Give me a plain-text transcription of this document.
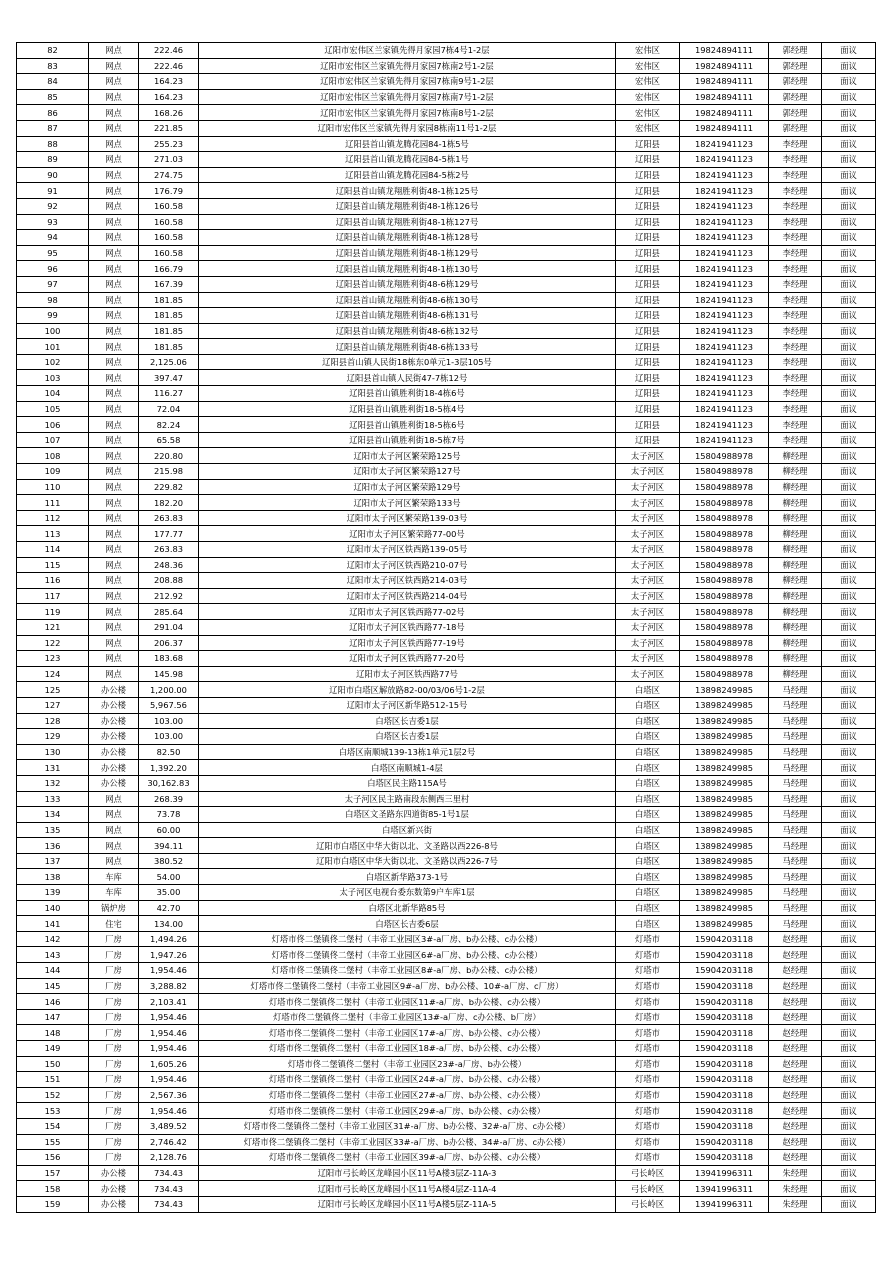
82	网点	222.46	辽阳市宏伟区兰家镇先得月家园7栋4号1-2层	宏伟区	19824894111	郭经理	面议
83	网点	222.46	辽阳市宏伟区兰家镇先得月家园7栋南2号1-2层	宏伟区	19824894111	郭经理	面议
84	网点	164.23	辽阳市宏伟区兰家镇先得月家园7栋南9号1-2层	宏伟区	19824894111	郭经理	面议
85	网点	164.23	辽阳市宏伟区兰家镇先得月家园7栋南7号1-2层	宏伟区	19824894111	郭经理	面议
86	网点	168.26	辽阳市宏伟区兰家镇先得月家园7栋南8号1-2层	宏伟区	19824894111	郭经理	面议
87	网点	221.85	辽阳市宏伟区兰家镇先得月家园8栋南11号1-2层	宏伟区	19824894111	郭经理	面议
88	网点	255.23	辽阳县首山镇龙腾花园84-1栋5号	辽阳县	18241941123	李经理	面议
89	网点	271.03	辽阳县首山镇龙腾花园84-5栋1号	辽阳县	18241941123	李经理	面议
90	网点	274.75	辽阳县首山镇龙腾花园84-5栋2号	辽阳县	18241941123	李经理	面议
91	网点	176.79	辽阳县首山镇龙翔胜利街48-1栋125号	辽阳县	18241941123	李经理	面议
92	网点	160.58	辽阳县首山镇龙翔胜利街48-1栋126号	辽阳县	18241941123	李经理	面议
93	网点	160.58	辽阳县首山镇龙翔胜利街48-1栋127号	辽阳县	18241941123	李经理	面议
94	网点	160.58	辽阳县首山镇龙翔胜利街48-1栋128号	辽阳县	18241941123	李经理	面议
95	网点	160.58	辽阳县首山镇龙翔胜利街48-1栋129号	辽阳县	18241941123	李经理	面议
96	网点	166.79	辽阳县首山镇龙翔胜利街48-1栋130号	辽阳县	18241941123	李经理	面议
97	网点	167.39	辽阳县首山镇龙翔胜利街48-6栋129号	辽阳县	18241941123	李经理	面议
98	网点	181.85	辽阳县首山镇龙翔胜利街48-6栋130号	辽阳县	18241941123	李经理	面议
99	网点	181.85	辽阳县首山镇龙翔胜利街48-6栋131号	辽阳县	18241941123	李经理	面议
100	网点	181.85	辽阳县首山镇龙翔胜利街48-6栋132号	辽阳县	18241941123	李经理	面议
101	网点	181.85	辽阳县首山镇龙翔胜利街48-6栋133号	辽阳县	18241941123	李经理	面议
102	网点	2,125.06	辽阳县首山镇人民街18栋东0单元1-3层105号	辽阳县	18241941123	李经理	面议
103	网点	397.47	辽阳县首山镇人民街47-7栋12号	辽阳县	18241941123	李经理	面议
104	网点	116.27	辽阳县首山镇胜利街18-4栋6号	辽阳县	18241941123	李经理	面议
105	网点	72.04	辽阳县首山镇胜利街18-5栋4号	辽阳县	18241941123	李经理	面议
106	网点	82.24	辽阳县首山镇胜利街18-5栋6号	辽阳县	18241941123	李经理	面议
107	网点	65.58	辽阳县首山镇胜利街18-5栋7号	辽阳县	18241941123	李经理	面议
108	网点	220.80	辽阳市太子河区繁荣路125号	太子河区	15804988978	柳经理	面议
109	网点	215.98	辽阳市太子河区繁荣路127号	太子河区	15804988978	柳经理	面议
110	网点	229.82	辽阳市太子河区繁荣路129号	太子河区	15804988978	柳经理	面议
111	网点	182.20	辽阳市太子河区繁荣路133号	太子河区	15804988978	柳经理	面议
112	网点	263.83	辽阳市太子河区繁荣路139-03号	太子河区	15804988978	柳经理	面议
113	网点	177.77	辽阳市太子河区繁荣路77-00号	太子河区	15804988978	柳经理	面议
114	网点	263.83	辽阳市太子河区铁西路139-05号	太子河区	15804988978	柳经理	面议
115	网点	248.36	辽阳市太子河区铁西路210-07号	太子河区	15804988978	柳经理	面议
116	网点	208.88	辽阳市太子河区铁西路214-03号	太子河区	15804988978	柳经理	面议
117	网点	212.92	辽阳市太子河区铁西路214-04号	太子河区	15804988978	柳经理	面议
119	网点	285.64	辽阳市太子河区铁西路77-02号	太子河区	15804988978	柳经理	面议
121	网点	291.04	辽阳市太子河区铁西路77-18号	太子河区	15804988978	柳经理	面议
122	网点	206.37	辽阳市太子河区铁西路77-19号	太子河区	15804988978	柳经理	面议
123	网点	183.68	辽阳市太子河区铁西路77-20号	太子河区	15804988978	柳经理	面议
124	网点	145.98	辽阳市太子河区铁西路77号	太子河区	15804988978	柳经理	面议
125	办公楼	1,200.00	辽阳市白塔区解放路82-00/03/06号1-2层	白塔区	13898249985	马经理	面议
127	办公楼	5,967.56	辽阳市太子河区新华路512-15号	白塔区	13898249985	马经理	面议
128	办公楼	103.00	白塔区长吉委1层	白塔区	13898249985	马经理	面议
129	办公楼	103.00	白塔区长吉委1层	白塔区	13898249985	马经理	面议
130	办公楼	82.50	白塔区南顺城139-13栋1单元1层2号	白塔区	13898249985	马经理	面议
131	办公楼	1,392.20	白塔区南顺城1-4层	白塔区	13898249985	马经理	面议
132	办公楼	30,162.83	白塔区民主路115A号	白塔区	13898249985	马经理	面议
133	网点	268.39	太子河区民主路南段东侧西三里村	白塔区	13898249985	马经理	面议
134	网点	73.78	白塔区文圣路东四道街85-1号1层	白塔区	13898249985	马经理	面议
135	网点	60.00	白塔区新兴街	白塔区	13898249985	马经理	面议
136	网点	394.11	辽阳市白塔区中华大街以北、文圣路以西226-8号	白塔区	13898249985	马经理	面议
137	网点	380.52	辽阳市白塔区中华大街以北、文圣路以西226-7号	白塔区	13898249985	马经理	面议
138	车库	54.00	白塔区新华路373-1号	白塔区	13898249985	马经理	面议
139	车库	35.00	太子河区电视台委东数第9户车库1层	白塔区	13898249985	马经理	面议
140	锅炉房	42.70	白塔区北新华路85号	白塔区	13898249985	马经理	面议
141	住宅	134.00	白塔区长吉委6层	白塔区	13898249985	马经理	面议
142	厂房	1,494.26	灯塔市佟二堡镇佟二堡村（丰帝工业园区3#-a厂房、b办公楼、c办公楼）	灯塔市	15904203118	赵经理	面议
143	厂房	1,947.26	灯塔市佟二堡镇佟二堡村（丰帝工业园区6#-a厂房、b办公楼、c办公楼）	灯塔市	15904203118	赵经理	面议
144	厂房	1,954.46	灯塔市佟二堡镇佟二堡村（丰帝工业园区8#-a厂房、b办公楼、c办公楼）	灯塔市	15904203118	赵经理	面议
145	厂房	3,288.82	灯塔市佟二堡镇佟二堡村（丰帝工业园区9#-a厂房、b办公楼、10#-a厂房、c厂房）	灯塔市	15904203118	赵经理	面议
146	厂房	2,103.41	灯塔市佟二堡镇佟二堡村（丰帝工业园区11#-a厂房、b办公楼、c办公楼）	灯塔市	15904203118	赵经理	面议
147	厂房	1,954.46	灯塔市佟二堡镇佟二堡村（丰帝工业园区13#-a厂房、c办公楼、b厂房）	灯塔市	15904203118	赵经理	面议
148	厂房	1,954.46	灯塔市佟二堡镇佟二堡村（丰帝工业园区17#-a厂房、b办公楼、c办公楼）	灯塔市	15904203118	赵经理	面议
149	厂房	1,954.46	灯塔市佟二堡镇佟二堡村（丰帝工业园区18#-a厂房、b办公楼、c办公楼）	灯塔市	15904203118	赵经理	面议
150	厂房	1,605.26	灯塔市佟二堡镇佟二堡村（丰帝工业园区23#-a厂房、b办公楼）	灯塔市	15904203118	赵经理	面议
151	厂房	1,954.46	灯塔市佟二堡镇佟二堡村（丰帝工业园区24#-a厂房、b办公楼、c办公楼）	灯塔市	15904203118	赵经理	面议
152	厂房	2,567.36	灯塔市佟二堡镇佟二堡村（丰帝工业园区27#-a厂房、b办公楼、c办公楼）	灯塔市	15904203118	赵经理	面议
153	厂房	1,954.46	灯塔市佟二堡镇佟二堡村（丰帝工业园区29#-a厂房、b办公楼、c办公楼）	灯塔市	15904203118	赵经理	面议
154	厂房	3,489.52	灯塔市佟二堡镇佟二堡村（丰帝工业园区31#-a厂房、b办公楼、32#-a厂房、c办公楼）	灯塔市	15904203118	赵经理	面议
155	厂房	2,746.42	灯塔市佟二堡镇佟二堡村（丰帝工业园区33#-a厂房、b办公楼、34#-a厂房、c办公楼）	灯塔市	15904203118	赵经理	面议
156	厂房	2,128.76	灯塔市佟二堡镇佟二堡村（丰帝工业园区39#-a厂房、b办公楼、c办公楼）	灯塔市	15904203118	赵经理	面议
157	办公楼	734.43	辽阳市弓长岭区龙峰园小区11号A楼3层Z-11A-3	弓长岭区	13941996311	朱经理	面议
158	办公楼	734.43	辽阳市弓长岭区龙峰园小区11号A楼4层Z-11A-4	弓长岭区	13941996311	朱经理	面议
159	办公楼	734.43	辽阳市弓长岭区龙峰园小区11号A楼5层Z-11A-5	弓长岭区	13941996311	朱经理	面议
